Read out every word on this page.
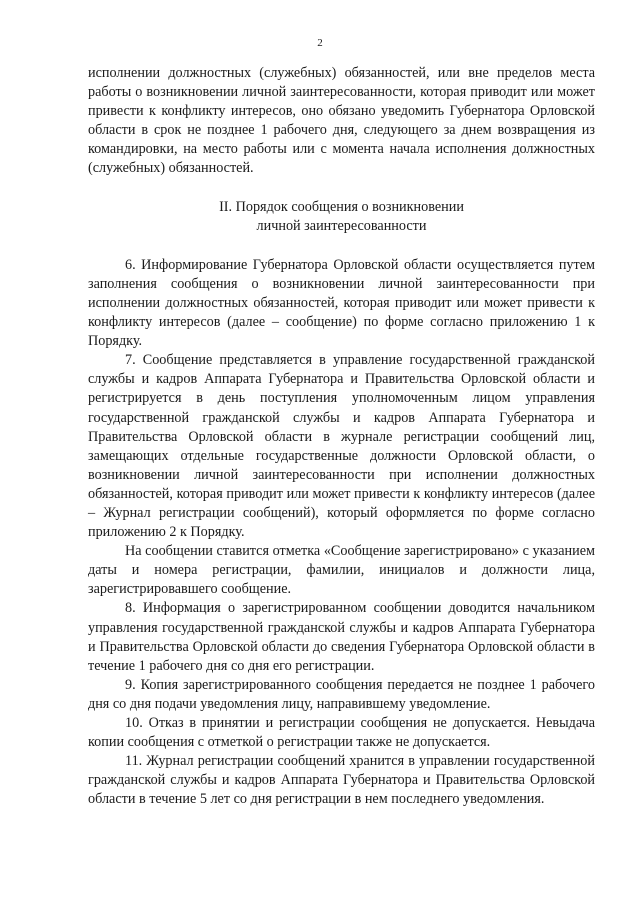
2

исполнении должностных (служебных) обязанностей, или вне пределов места работы о возникновении личной заинтересованности, которая приводит или может привести к конфликту интересов, оно обязано уведомить Губернатора Орловской области в срок не позднее 1 рабочего дня, следующего за днем возвращения из командировки, на место работы или с момента начала исполнения должностных (служебных) обязанностей.

II. Порядок сообщения о возникновении
личной заинтересованности

6. Информирование Губернатора Орловской области осуществляется путем заполнения сообщения о возникновении личной заинтересованности при исполнении должностных обязанностей, которая приводит или может привести к конфликту интересов (далее – сообщение) по форме согласно приложению 1 к Порядку.

7. Сообщение представляется в управление государственной гражданской службы и кадров Аппарата Губернатора и Правительства Орловской области и регистрируется в день поступления уполномоченным лицом управления государственной гражданской службы и кадров Аппарата Губернатора и Правительства Орловской области в журнале регистрации сообщений лиц, замещающих отдельные государственные должности Орловской области, о возникновении личной заинтересованности при исполнении должностных обязанностей, которая приводит или может привести к конфликту интересов (далее – Журнал регистрации сообщений), который оформляется по форме согласно приложению 2 к Порядку.

На сообщении ставится отметка «Сообщение зарегистрировано» с указанием даты и номера регистрации, фамилии, инициалов и должности лица, зарегистрировавшего сообщение.

8. Информация о зарегистрированном сообщении доводится начальником управления государственной гражданской службы и кадров Аппарата Губернатора и Правительства Орловской области до сведения Губернатора Орловской области в течение 1 рабочего дня со дня его регистрации.

9. Копия зарегистрированного сообщения передается не позднее 1 рабочего дня со дня подачи уведомления лицу, направившему уведомление.

10. Отказ в принятии и регистрации сообщения не допускается. Невыдача копии сообщения с отметкой о регистрации также не допускается.

11. Журнал регистрации сообщений хранится в управлении государственной гражданской службы и кадров Аппарата Губернатора и Правительства Орловской области в течение 5 лет со дня регистрации в нем последнего уведомления.
